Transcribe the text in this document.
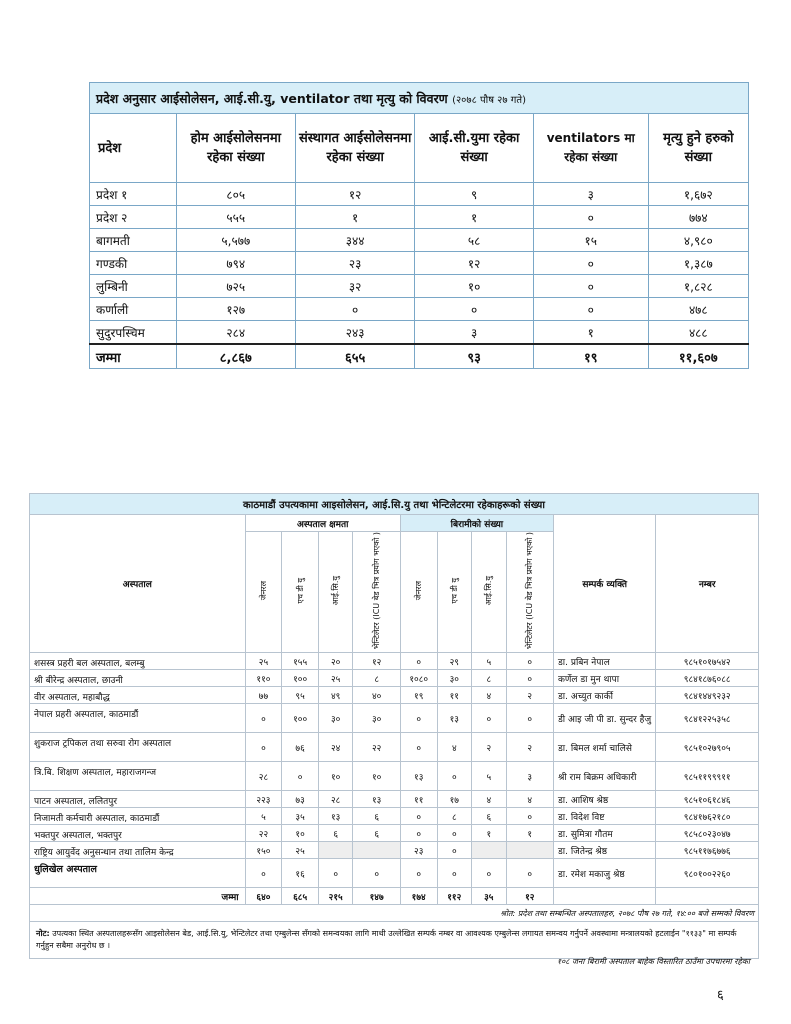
प्रदेश अनुसार आईसोलेसन, आई.सी.यु, ventilator तथा मृत्यु को विवरण (२०७८ पौष २७ गते)					
प्रदेश	होम आईसोलेसनमा रहेका संख्या	संस्थागत आईसोलेसनमा रहेका संख्या	आई.सी.युमा रहेका संख्या	ventilators मा रहेका संख्या	मृत्यु हुने हरुको संख्या
प्रदेश १	८०५	१२	९	३	१,६७२
प्रदेश २	५५५	१	१	०	७७४
बागमती	५,५७७	३४४	५८	१५	४,९८०
गण्डकी	७९४	२३	१२	०	१,३८७
लुम्बिनी	७२५	३२	१०	०	१,८२८
कर्णाली	१२७	०	०	०	४७८
सुदुरपस्चिम	२८४	२४३	३	१	४८८
जम्मा	८,८६७	६५५	९३	१९	११,६०७
काठमाडौं उपत्यकामा आइसोलेसन, आई.सि.यु तथा भेन्टिलेटरमा रहेकाहरूको संख्या										
अस्पताल	अस्पताल क्षमता				बिरामीको संख्या				सम्पर्क व्यक्ति	नम्बर
	जेनरल	एच डी यु	आई.सि.यु	भेन्टिलेटर (ICU बेड भित्र प्रयोग भएको )	जेनरल	एच डी यु	आई.सि.यु	भेन्टिलेटर (ICU बेड भित्र प्रयोग भएको )		
शसस्त्र प्रहरी बल अस्पताल, बलम्बु	२५	१५५	२०	१२	०	२९	५	०	डा. प्रबिन नेपाल	९८५१०१७५४२
श्री बीरेन्द्र अस्पताल, छाउनी	११०	१००	२५	८	१०८०	३०	८	०	कर्णेल डा मुन थापा	९८४१८७६०८८
वीर अस्पताल, महाबौद्ध	७७	९५	४९	४०	१९	११	४	२	डा. अच्युत कार्की	९८४१४४९२३२
नेपाल प्रहरी अस्पताल, काठमाडौं	०	१००	३०	३०	०	१३	०	०	डी आइ जी पी डा. सुन्दर हैजु	९८४१२२५३५८
शुकराज ट्रपिकल तथा सरुवा रोग अस्पताल	०	७६	२४	२२	०	४	२	२	डा. बिमल शर्मा चालिसे	९८५१०२७९०५
त्रि.बि. शिक्षण अस्पताल, महाराजगन्ज	२८	०	१०	१०	१३	०	५	३	श्री राम बिक्रम अधिकारी	९८५११९९९११
पाटन अस्पताल, ललितपुर	२२३	७३	२८	१३	११	१७	४	४	डा. आशिष श्रेष्ठ	९८५१०६१८४६
निजामती कर्मचारी अस्पताल, काठमाडौं	५	३५	१३	६	०	८	६	०	डा. विदेश विष्ट	९८४१७६२१८०
भक्तपुर अस्पताल, भक्तपुर	२२	१०	६	६	०	०	१	१	डा. सुमित्रा गौतम	९८५८०२३०४७
राष्ट्रिय आयुर्वेद अनुसन्धान तथा तालिम केन्द्र	१५०	२५			२३	०			डा. जितेन्द्र श्रेष्ठ	९८५११७६७७६
धुलिखेल अस्पताल	०	१६	०	०	०	०	०	०	डा. रमेश मकाजु श्रेष्ठ	९८०१००२२६०
जम्मा	६४०	६८५	२१५	१४७	१७४	११२	३५	१२		
श्रोत: प्रदेश तथा सम्बन्धित अस्पतालहरु, २०७८ पौष २७ गते, १४:०० बजे सम्मको विवरण										
नोट: उपत्यका स्थित अस्पतालहरूसँग आइसोलेसन बेड, आई.सि.यु, भेन्टिलेटर तथा एम्बुलेन्स सँगको समन्वयका लागि माथी उल्लेखित सम्पर्क नम्बर वा आवश्यक एम्बुलेन्स लगायत समन्वय गर्नुपर्ने अवस्थामा मन्त्रालयको हटलाईन "११३३" मा सम्पर्क गर्नुहुन सबैमा अनुरोध छ ।										
१०८ जना बिरामी अस्पताल बाहेक विस्तारित ठाउँमा उपचारमा रहेका
६
